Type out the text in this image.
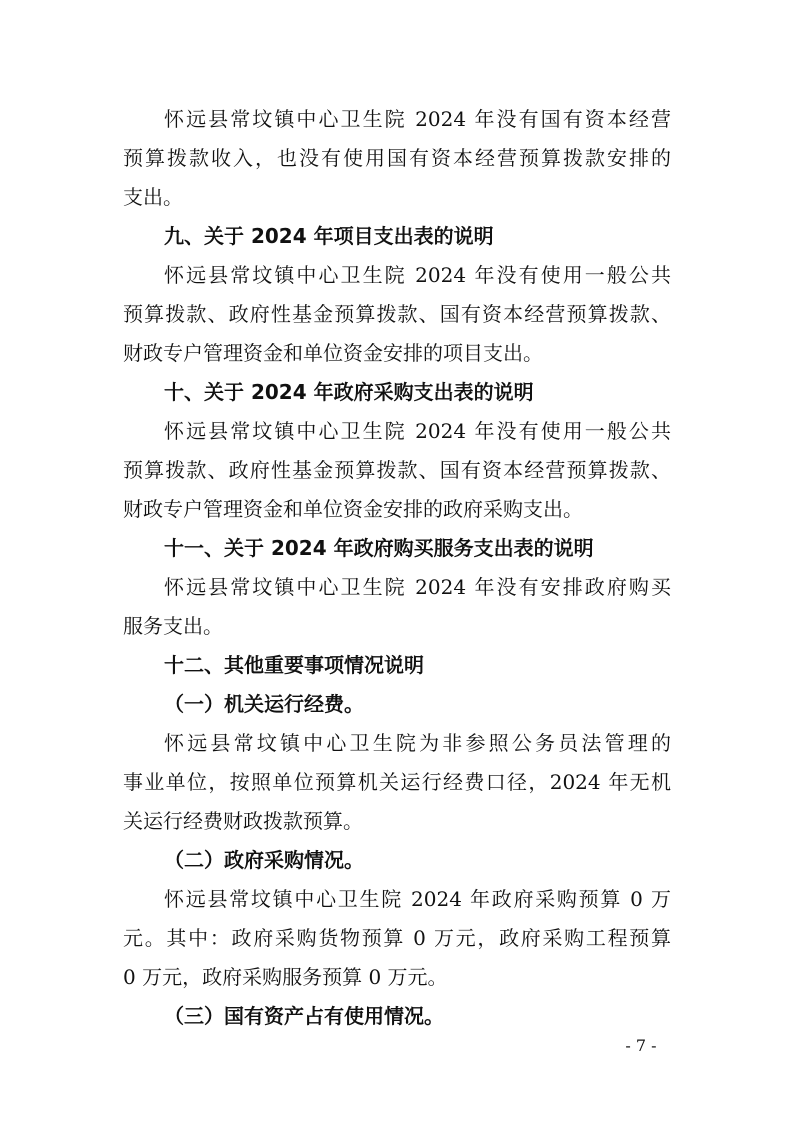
怀远县常坟镇中心卫生院 2024 年没有国有资本经营
预算拨款收入，也没有使用国有资本经营预算拨款安排的
支出。
九、关于 2024 年项目支出表的说明
怀远县常坟镇中心卫生院 2024 年没有使用一般公共
预算拨款、政府性基金预算拨款、国有资本经营预算拨款、
财政专户管理资金和单位资金安排的项目支出。
十、关于 2024 年政府采购支出表的说明
怀远县常坟镇中心卫生院 2024 年没有使用一般公共
预算拨款、政府性基金预算拨款、国有资本经营预算拨款、
财政专户管理资金和单位资金安排的政府采购支出。
十一、关于 2024 年政府购买服务支出表的说明
怀远县常坟镇中心卫生院 2024 年没有安排政府购买
服务支出。
十二、其他重要事项情况说明
（一）机关运行经费。
怀远县常坟镇中心卫生院为非参照公务员法管理的
事业单位，按照单位预算机关运行经费口径，2024 年无机
关运行经费财政拨款预算。
（二）政府采购情况。
怀远县常坟镇中心卫生院 2024 年政府采购预算 0 万
元。其中：政府采购货物预算 0 万元，政府采购工程预算
0 万元，政府采购服务预算 0 万元。
（三）国有资产占有使用情况。
- 7 -
